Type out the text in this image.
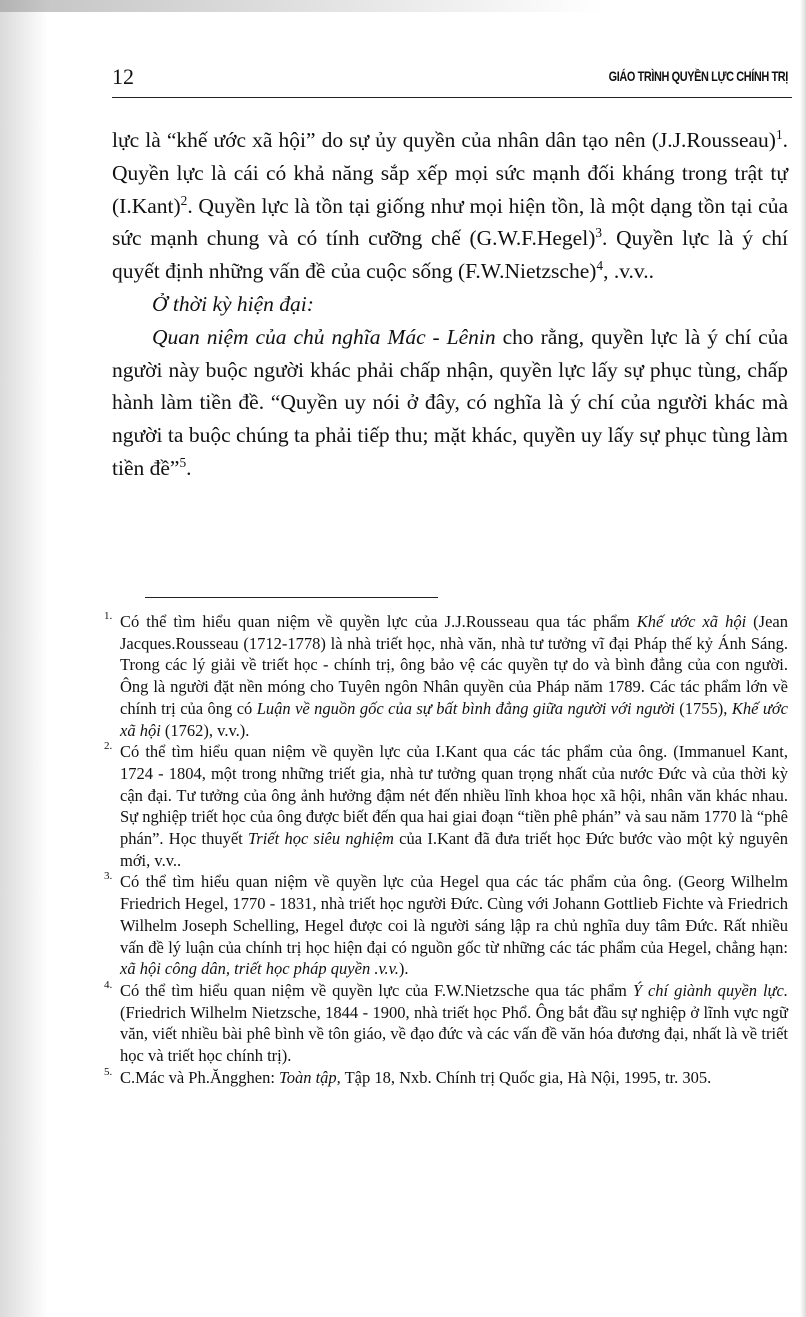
12	GIÁO TRÌNH QUYỀN LỰC CHÍNH TRỊ

lực là “khế ước xã hội” do sự ủy quyền của nhân dân tạo nên (J.J.Rousseau)$^1$. Quyền lực là cái có khả năng sắp xếp mọi sức mạnh đối kháng trong trật tự (I.Kant)$^2$. Quyền lực là tồn tại giống như mọi hiện tồn, là một dạng tồn tại của sức mạnh chung và có tính cưỡng chế (G.W.F.Hegel)$^3$. Quyền lực là ý chí quyết định những vấn đề của cuộc sống (F.W.Nietzsche)$^4$, .v.v..

Ở thời kỳ hiện đại:

Quan niệm của chủ nghĩa Mác - Lênin cho rằng, quyền lực là ý chí của người này buộc người khác phải chấp nhận, quyền lực lấy sự phục tùng, chấp hành làm tiền đề. “Quyền uy nói ở đây, có nghĩa là ý chí của người khác mà người ta buộc chúng ta phải tiếp thu; mặt khác, quyền uy lấy sự phục tùng làm tiền đề”$^5$.

1. Có thể tìm hiểu quan niệm về quyền lực của J.J.Rousseau qua tác phẩm Khế ước xã hội (Jean Jacques.Rousseau (1712-1778) là nhà triết học, nhà văn, nhà tư tưởng vĩ đại Pháp thế kỷ Ánh Sáng. Trong các lý giải về triết học - chính trị, ông bảo vệ các quyền tự do và bình đẳng của con người. Ông là người đặt nền móng cho Tuyên ngôn Nhân quyền của Pháp năm 1789. Các tác phẩm lớn về chính trị của ông có Luận về nguồn gốc của sự bất bình đẳng giữa người với người (1755), Khế ước xã hội (1762), v.v.).
2. Có thể tìm hiểu quan niệm về quyền lực của I.Kant qua các tác phẩm của ông. (Immanuel Kant, 1724 - 1804, một trong những triết gia, nhà tư tưởng quan trọng nhất của nước Đức và của thời kỳ cận đại. Tư tưởng của ông ảnh hưởng đậm nét đến nhiều lĩnh khoa học xã hội, nhân văn khác nhau. Sự nghiệp triết học của ông được biết đến qua hai giai đoạn “tiền phê phán” và sau năm 1770 là “phê phán”. Học thuyết Triết học siêu nghiệm của I.Kant đã đưa triết học Đức bước vào một kỷ nguyên mới, v.v..
3. Có thể tìm hiểu quan niệm về quyền lực của Hegel qua các tác phẩm của ông. (Georg Wilhelm Friedrich Hegel, 1770 - 1831, nhà triết học người Đức. Cùng với Johann Gottlieb Fichte và Friedrich Wilhelm Joseph Schelling, Hegel được coi là người sáng lập ra chủ nghĩa duy tâm Đức. Rất nhiều vấn đề lý luận của chính trị học hiện đại có nguồn gốc từ những các tác phẩm của Hegel, chẳng hạn: xã hội công dân, triết học pháp quyền .v.v.).
4. Có thể tìm hiểu quan niệm về quyền lực của F.W.Nietzsche qua tác phẩm Ý chí giành quyền lực. (Friedrich Wilhelm Nietzsche, 1844 - 1900, nhà triết học Phổ. Ông bắt đầu sự nghiệp ở lĩnh vực ngữ văn, viết nhiều bài phê bình về tôn giáo, về đạo đức và các vấn đề văn hóa đương đại, nhất là về triết học và triết học chính trị).
5. C.Mác và Ph.Ăngghen: Toàn tập, Tập 18, Nxb. Chính trị Quốc gia, Hà Nội, 1995, tr. 305.
